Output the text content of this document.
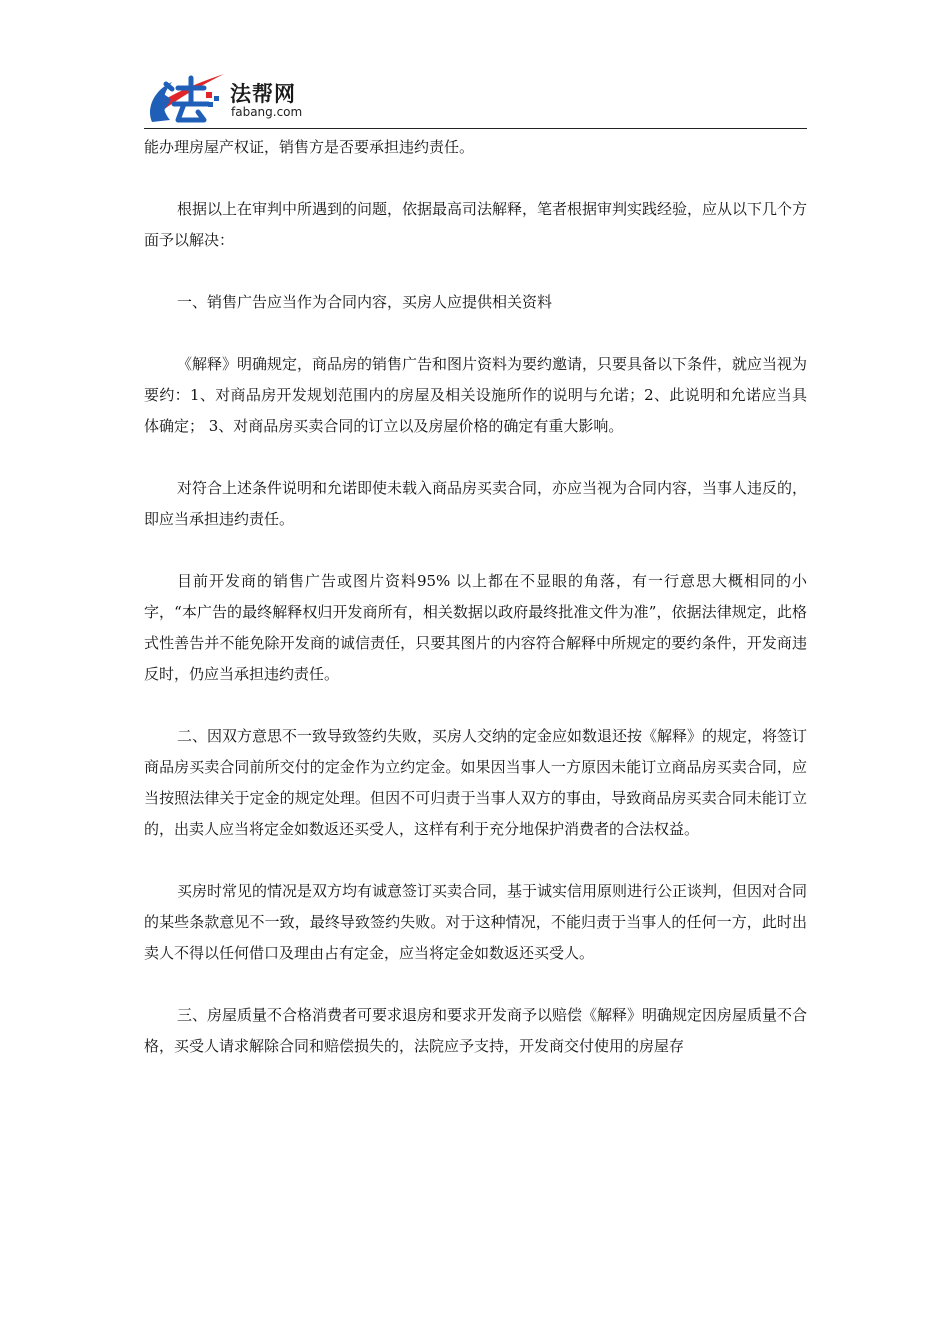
法帮网
fabang.com

能办理房屋产权证，销售方是否要承担违约责任。

根据以上在审判中所遇到的问题，依据最高司法解释，笔者根据审判实践经验，应从以下几个方面予以解决：

一、销售广告应当作为合同内容，买房人应提供相关资料

《解释》明确规定，商品房的销售广告和图片资料为要约邀请，只要具备以下条件，就应当视为要约：1、对商品房开发规划范围内的房屋及相关设施所作的说明与允诺；2、此说明和允诺应当具体确定； 3、对商品房买卖合同的订立以及房屋价格的确定有重大影响。

对符合上述条件说明和允诺即使未载入商品房买卖合同，亦应当视为合同内容，当事人违反的，即应当承担违约责任。

目前开发商的销售广告或图片资料95% 以上都在不显眼的角落，有一行意思大概相同的小字，“本广告的最终解释权归开发商所有，相关数据以政府最终批准文件为准”，依据法律规定，此格式性善告并不能免除开发商的诚信责任，只要其图片的内容符合解释中所规定的要约条件，开发商违反时，仍应当承担违约责任。

二、因双方意思不一致导致签约失败，买房人交纳的定金应如数退还按《解释》的规定，将签订商品房买卖合同前所交付的定金作为立约定金。如果因当事人一方原因未能订立商品房买卖合同，应当按照法律关于定金的规定处理。但因不可归责于当事人双方的事由，导致商品房买卖合同未能订立的，出卖人应当将定金如数返还买受人，这样有利于充分地保护消费者的合法权益。

买房时常见的情况是双方均有诚意签订买卖合同，基于诚实信用原则进行公正谈判，但因对合同的某些条款意见不一致，最终导致签约失败。对于这种情况，不能归责于当事人的任何一方，此时出卖人不得以任何借口及理由占有定金，应当将定金如数返还买受人。

三、房屋质量不合格消费者可要求退房和要求开发商予以赔偿《解释》明确规定因房屋质量不合格，买受人请求解除合同和赔偿损失的，法院应予支持，开发商交付使用的房屋存
